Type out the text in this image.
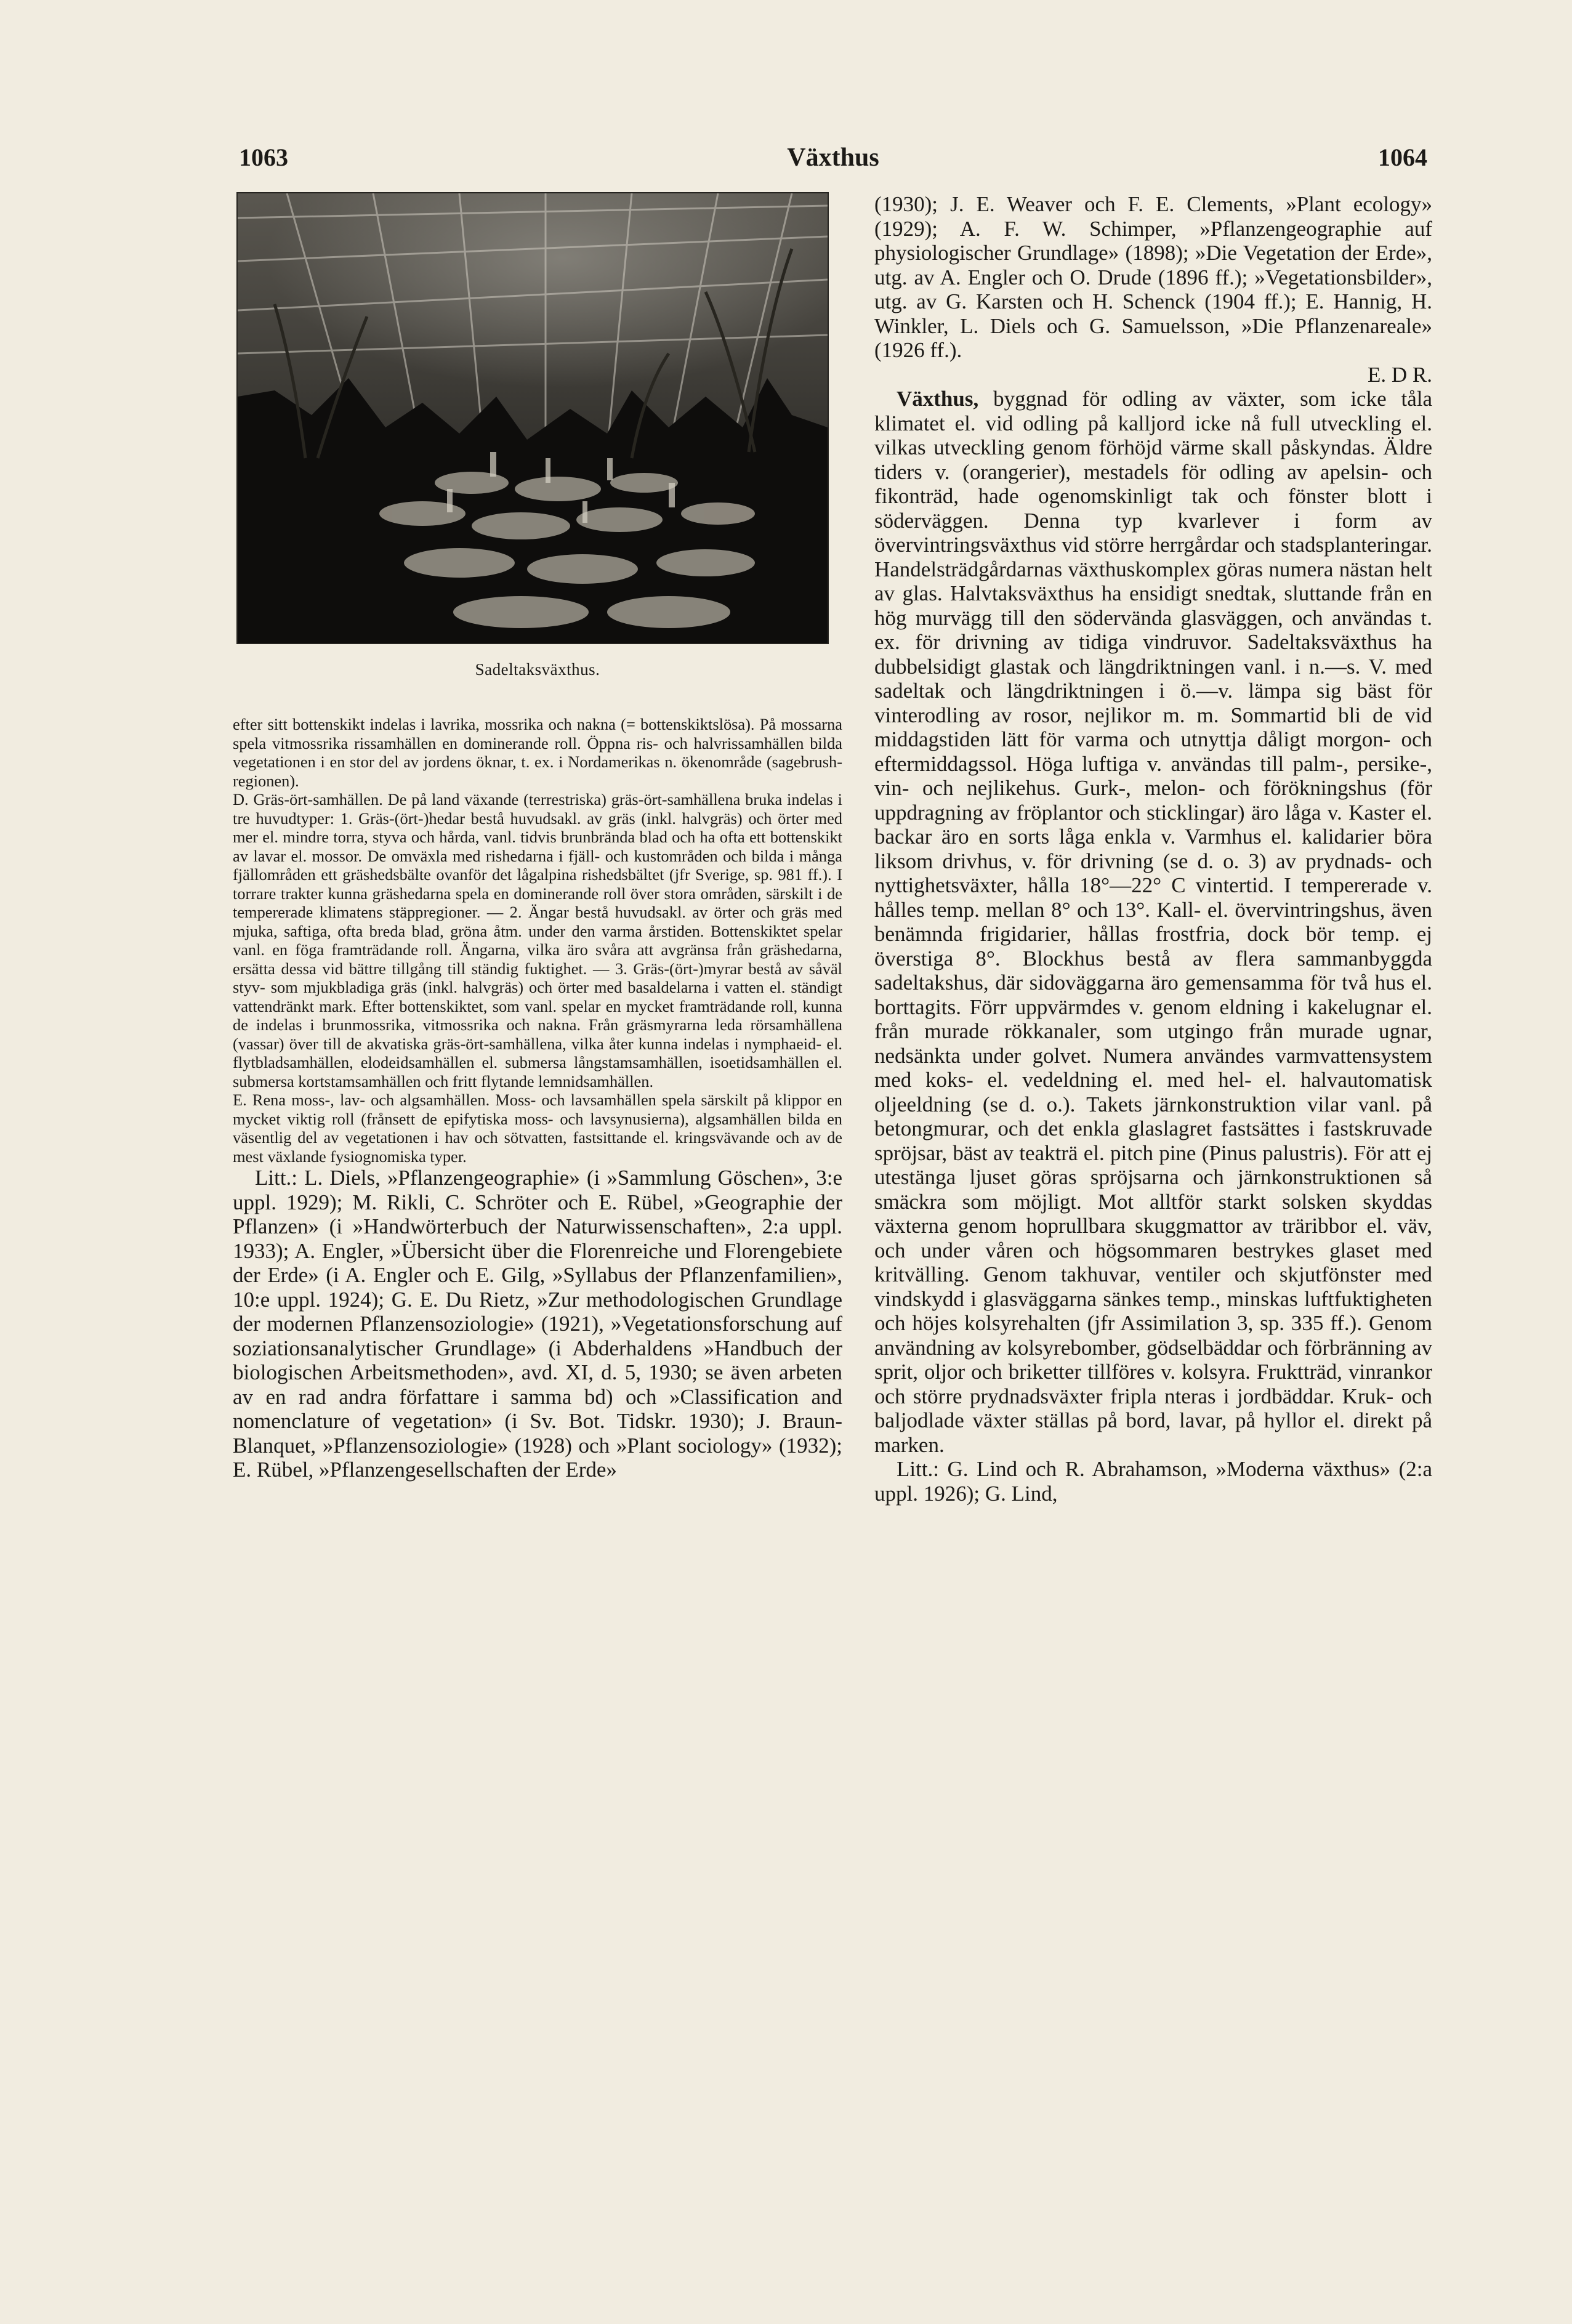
1063	Växthus	1064
Sadeltaksväxthus.

efter sitt bottenskikt indelas i lavrika, mossrika och nakna (= bottenskiktslösa). På mossarna spela vitmossrika rissamhällen en dominerande roll. Öppna ris- och halvrissamhällen bilda vegetationen i en stor del av jordens öknar, t. ex. i Nordamerikas n. ökenområde (sagebrush-regionen).

D. Gräs-ört-samhällen. De på land växande (terrestriska) gräs-ört-samhällena bruka indelas i tre huvudtyper: 1. Gräs-(ört-)hedar bestå huvudsakl. av gräs (inkl. halvgräs) och örter med mer el. mindre torra, styva och hårda, vanl. tidvis brunbrända blad och ha ofta ett bottenskikt av lavar el. mossor. De omväxla med rishedarna i fjäll- och kustområden och bilda i många fjällområden ett gräshedsbälte ovanför det lågalpina rishedsbältet (jfr Sverige, sp. 981 ff.). I torrare trakter kunna gräshedarna spela en dominerande roll över stora områden, särskilt i de tempererade klimatens stäppregioner. — 2. Ängar bestå huvudsakl. av örter och gräs med mjuka, saftiga, ofta breda blad, gröna åtm. under den varma årstiden. Bottenskiktet spelar vanl. en föga framträdande roll. Ängarna, vilka äro svåra att avgränsa från gräshedarna, ersätta dessa vid bättre tillgång till ständig fuktighet. — 3. Gräs-(ört-)myrar bestå av såväl styv- som mjukbladiga gräs (inkl. halvgräs) och örter med basaldelarna i vatten el. ständigt vattendränkt mark. Efter bottenskiktet, som vanl. spelar en mycket framträdande roll, kunna de indelas i brunmossrika, vitmossrika och nakna. Från gräsmyrarna leda rörsamhällena (vassar) över till de akvatiska gräs-ört-samhällena, vilka åter kunna indelas i nymphaeid- el. flytbladsamhällen, elodeidsamhällen el. submersa långstamsamhällen, isoetidsamhällen el. submersa kortstamsamhällen och fritt flytande lemnidsamhällen.

E. Rena moss-, lav- och algsamhällen. Moss- och lavsamhällen spela särskilt på klippor en mycket viktig roll (frånsett de epifytiska moss- och lavsynusierna), algsamhällen bilda en väsentlig del av vegetationen i hav och sötvatten, fastsittande el. kringsvävande och av de mest växlande fysiognomiska typer.

Litt.: L. Diels, »Pflanzengeographie» (i »Sammlung Göschen», 3:e uppl. 1929); M. Rikli, C. Schröter och E. Rübel, »Geographie der Pflanzen» (i »Handwörterbuch der Naturwissenschaften», 2:a uppl. 1933); A. Engler, »Übersicht über die Florenreiche und Florengebiete der Erde» (i A. Engler och E. Gilg, »Syllabus der Pflanzenfamilien», 10:e uppl. 1924); G. E. Du Rietz, »Zur methodologischen Grundlage der modernen Pflanzensoziologie» (1921), »Vegetationsforschung auf soziationsanalytischer Grundlage» (i Abderhaldens »Handbuch der biologischen Arbeitsmethoden», avd. XI, d. 5, 1930; se även arbeten av en rad andra författare i samma bd) och »Classification and nomenclature of vegetation» (i Sv. Bot. Tidskr. 1930); J. Braun-Blanquet, »Pflanzensoziologie» (1928) och »Plant sociology» (1932); E. Rübel, »Pflanzengesellschaften der Erde»

(1930); J. E. Weaver och F. E. Clements, »Plant ecology» (1929); A. F. W. Schimper, »Pflanzengeographie auf physiologischer Grundlage» (1898); »Die Vegetation der Erde», utg. av A. Engler och O. Drude (1896 ff.); »Vegetationsbilder», utg. av G. Karsten och H. Schenck (1904 ff.); E. Hannig, H. Winkler, L. Diels och G. Samuelsson, »Die Pflanzenareale» (1926 ff.).

E. D R.

Växthus, byggnad för odling av växter, som icke tåla klimatet el. vid odling på kalljord icke nå full utveckling el. vilkas utveckling genom förhöjd värme skall påskyndas. Äldre tiders v. (orangerier), mestadels för odling av apelsin- och fikonträd, hade ogenomskinligt tak och fönster blott i söderväggen. Denna typ kvarlever i form av övervintringsväxthus vid större herrgårdar och stadsplanteringar. Handelsträdgårdarnas växthuskomplex göras numera nästan helt av glas. Halvtaksväxthus ha ensidigt snedtak, sluttande från en hög murvägg till den södervända glasväggen, och användas t. ex. för drivning av tidiga vindruvor. Sadeltaksväxthus ha dubbelsidigt glastak och längdriktningen vanl. i n.—s. V. med sadeltak och längdriktningen i ö.—v. lämpa sig bäst för vinterodling av rosor, nejlikor m. m. Sommartid bli de vid middagstiden lätt för varma och utnyttja dåligt morgon- och eftermiddagssol. Höga luftiga v. användas till palm-, persike-, vin- och nejlikehus. Gurk-, melon- och förökningshus (för uppdragning av fröplantor och sticklingar) äro låga v. Kaster el. backar äro en sorts låga enkla v. Varmhus el. kalidarier böra liksom drivhus, v. för drivning (se d. o. 3) av prydnads- och nyttighetsväxter, hålla 18°—22° C vintertid. I tempererade v. hålles temp. mellan 8° och 13°. Kall- el. övervintringshus, även benämnda frigidarier, hållas frostfria, dock bör temp. ej överstiga 8°. Blockhus bestå av flera sammanbyggda sadeltakshus, där sidoväggarna äro gemensamma för två hus el. borttagits. Förr uppvärmdes v. genom eldning i kakelugnar el. från murade rökkanaler, som utgingo från murade ugnar, nedsänkta under golvet. Numera användes varmvattensystem med koks- el. vedeldning el. med hel- el. halvautomatisk oljeeldning (se d. o.). Takets järnkonstruktion vilar vanl. på betongmurar, och det enkla glaslagret fastsättes i fastskruvade spröjsar, bäst av teakträ el. pitch pine (Pinus palustris). För att ej utestänga ljuset göras spröjsarna och järnkonstruktionen så smäckra som möjligt. Mot alltför starkt solsken skyddas växterna genom hoprullbara skuggmattor av träribbor el. väv, och under våren och högsommaren bestrykes glaset med kritvälling. Genom takhuvar, ventiler och skjutfönster med vindskydd i glasväggarna sänkes temp., minskas luftfuktigheten och höjes kolsyrehalten (jfr Assimilation 3, sp. 335 ff.). Genom användning av kolsyrebomber, gödselbäddar och förbränning av sprit, oljor och briketter tillföres v. kolsyra. Fruktträd, vinrankor och större prydnadsväxter fripla nteras i jordbäddar. Kruk- och baljodlade växter ställas på bord, lavar, på hyllor el. direkt på marken.

Litt.: G. Lind och R. Abrahamson, »Moderna växthus» (2:a uppl. 1926); G. Lind,
